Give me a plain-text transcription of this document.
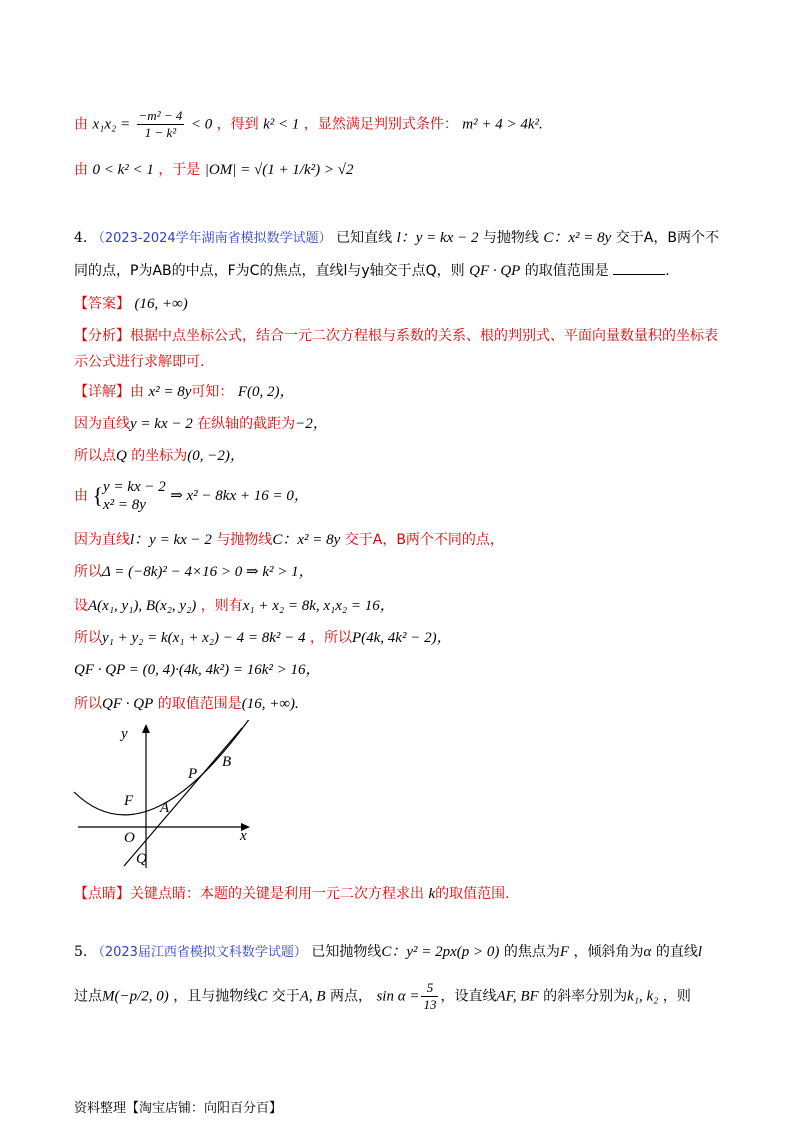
由 $x_1x_2 = \frac{\text{−m² − 4}}{\text{1 − k²}} < 0$ ，得到 k² < 1 ，显然满足判别式条件： m² + 4 > 4k².
由 0 < k² < 1 ，于是 |OM| = √(1 + 1/k²) > √2
4. （2023-2024学年湖南省模拟数学试题） 已知直线 l：y = kx − 2 与抛物线 C：x² = 8y 交于A，B两个不
同的点，P为AB的中点，F为C的焦点，直线l与y轴交于点Q，则 QF · QP 的取值范围是	.
【答案】 (16, +∞)
【分析】根据中点坐标公式，结合一元二次方程根与系数的关系、根的判别式、平面向量数量积的坐标表
示公式进行求解即可.
【详解】由 x² = 8y可知： F(0, 2)，
因为直线y = kx − 2 在纵轴的截距为−2，
所以点Q 的坐标为(0, −2)，
由 { y = kx − 2
x² = 8y
⇒ x² − 8kx + 16 = 0，
因为直线l：y = kx − 2 与抛物线C：x² = 8y 交于A，B两个不同的点，
所以Δ = (−8k)² − 4×16 > 0 ⇒ k² > 1，
设A(x₁, y₁), B(x₂, y₂) ，则有x₁ + x₂ = 8k, x₁x₂ = 16，
所以y₁ + y₂ = k(x₁ + x₂) − 4 = 8k² − 4 ，所以P(4k, 4k² − 2)，
QF · QP = (0, 4)·(4k, 4k²) = 16k² > 16，
所以QF · QP 的取值范围是(16, +∞).
y
x
O
F A
P
B
Q
【点睛】关键点睛：本题的关键是利用一元二次方程求出 k的取值范围.
5. （2023届江西省模拟文科数学试题） 已知抛物线C：y² = 2px(p > 0) 的焦点为F ，倾斜角为α 的直线l
过点M(−p/2, 0) ，且与抛物线C 交于A, B 两点， $\sin \alpha = \frac{5}{13}$ ，设直线AF, BF 的斜率分别为k₁, k₂ ，则
资料整理【淘宝店铺：向阳百分百】
